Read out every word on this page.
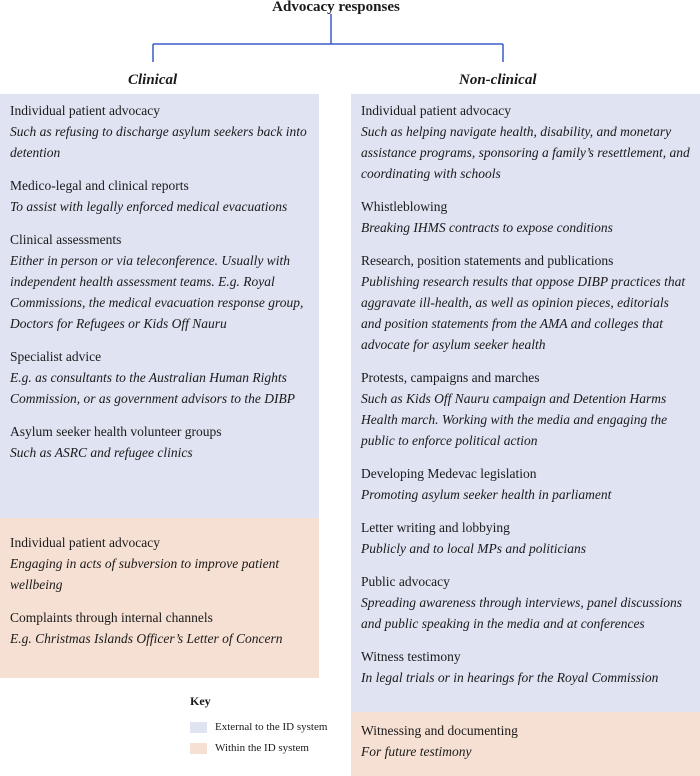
Advocacy responses
Clinical	Non-clinical
Individual patient advocacy
Such as refusing to discharge asylum seekers back into detention
Medico-legal and clinical reports
To assist with legally enforced medical evacuations
Clinical assessments
Either in person or via teleconference. Usually with independent health assessment teams. E.g. Royal Commissions, the medical evacuation response group, Doctors for Refugees or Kids Off Nauru
Specialist advice
E.g. as consultants to the Australian Human Rights Commission, or as government advisors to the DIBP
Asylum seeker health volunteer groups
Such as ASRC and refugee clinics
Individual patient advocacy
Engaging in acts of subversion to improve patient wellbeing
Complaints through internal channels
E.g. Christmas Islands Officer’s Letter of Concern
Individual patient advocacy
Such as helping navigate health, disability, and monetary assistance programs, sponsoring a family’s resettlement, and coordinating with schools
Whistleblowing
Breaking IHMS contracts to expose conditions
Research, position statements and publications
Publishing research results that oppose DIBP practices that aggravate ill-health, as well as opinion pieces, editorials and position statements from the AMA and colleges that advocate for asylum seeker health
Protests, campaigns and marches
Such as Kids Off Nauru campaign and Detention Harms Health march. Working with the media and engaging the public to enforce political action
Developing Medevac legislation
Promoting asylum seeker health in parliament
Letter writing and lobbying
Publicly and to local MPs and politicians
Public advocacy
Spreading awareness through interviews, panel discussions and public speaking in the media and at conferences
Witness testimony
In legal trials or in hearings for the Royal Commission
Witnessing and documenting
For future testimony
Key
External to the ID system
Within the ID system
